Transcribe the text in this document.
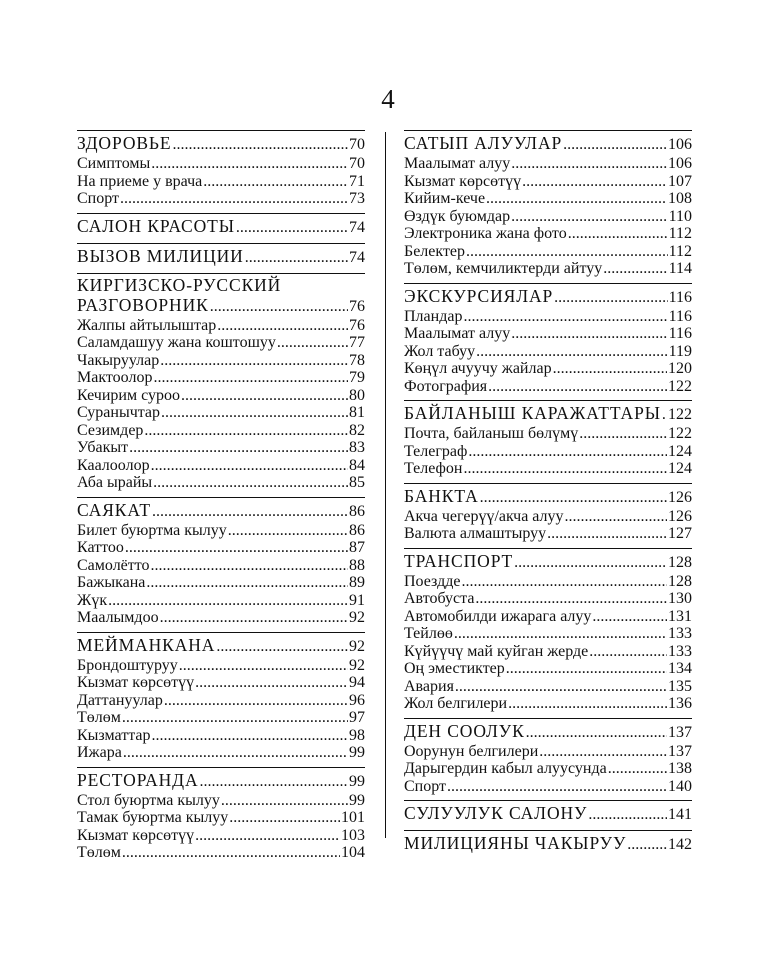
4
ЗДОРОВЬЕ .....	70
Симптомы .....	70
На приеме у врача .....	71
Спорт .....	73
САЛОН КРАСОТЫ .....	74
ВЫЗОВ МИЛИЦИИ .....	74
КИРГИЗСКО-РУССКИЙ
РАЗГОВОРНИК .....	76
Жалпы айтылыштар .....	76
Саламдашуу жана коштошуу .....	77
Чакыруулар .....	78
Мактоолор .....	79
Кечирим суроо .....	80
Суранычтар .....	81
Сезимдер .....	82
Убакыт .....	83
Каалоолор .....	84
Аба ырайы .....	85
САЯКАТ .....	86
Билет буюртма кылуу .....	86
Каттоо .....	87
Самолётто .....	88
Бажыкана .....	89
Жүк .....	91
Маалымдоо .....	92
МЕЙМАНКАНА .....	92
Брондоштуруу .....	92
Кызмат көрсөтүү .....	94
Даттануулар .....	96
Төлөм .....	97
Кызматтар .....	98
Ижара .....	99
РЕСТОРАНДА .....	99
Стол буюртма кылуу .....	99
Тамак буюртма кылуу .....	101
Кызмат көрсөтүү .....	103
Төлөм .....	104
САТЫП АЛУУЛАР .....	106
Маалымат алуу .....	106
Кызмат көрсөтүү .....	107
Кийим-кече .....	108
Өздүк буюмдар .....	110
Электроника жана фото .....	112
Белектер .....	112
Төлөм, кемчиликтерди айтуу .....	114
ЭКСКУРСИЯЛАР .....	116
Пландар .....	116
Маалымат алуу .....	116
Жол табуу .....	119
Көңүл ачуучу жайлар .....	120
Фотография .....	122
БАЙЛАНЫШ КАРАЖАТТАРЫ ..... 122
Почта, байланыш бөлүмү .....	122
Телеграф .....	124
Телефон .....	124
БАНКТА .....	126
Акча чегерүү/акча алуу .....	126
Валюта алмаштыруу .....	127
ТРАНСПОРТ .....	128
Поездде .....	128
Автобуста .....	130
Автомобилди ижарага алуу .....	131
Тейлөө .....	133
Күйүүчү май куйган жерде .....	133
Оң эместиктер .....	134
Авария .....	135
Жол белгилери .....	136
ДЕН СООЛУК .....	137
Оорунун белгилери .....	137
Дарыгердин кабыл алуусунда .....	138
Спорт .....	140
СУЛУУЛУК САЛОНУ .....	141
МИЛИЦИЯНЫ ЧАКЫРУУ .....	142
